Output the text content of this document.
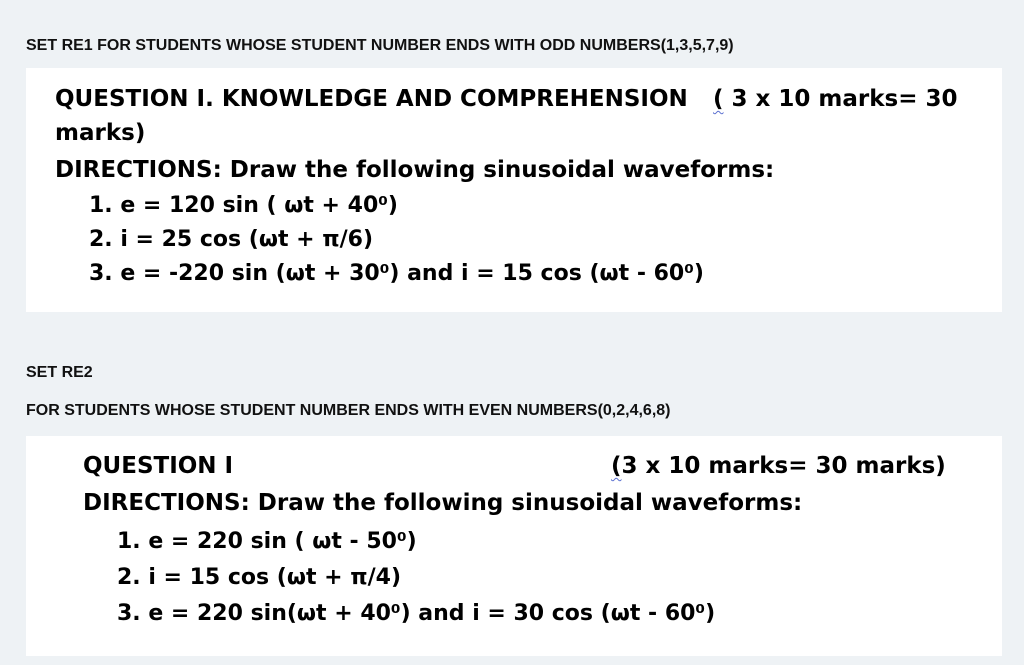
SET RE1 FOR STUDENTS WHOSE STUDENT NUMBER ENDS WITH ODD NUMBERS(1,3,5,7,9)
QUESTION I. KNOWLEDGE AND COMPREHENSION ( 3 x 10 marks= 30
marks)
DIRECTIONS: Draw the following sinusoidal waveforms:
1. e = 120 sin ( ωt + 40⁰)
2. i = 25 cos (ωt + π/6)
3. e = -220 sin (ωt + 30⁰) and i = 15 cos (ωt - 60⁰)
SET RE2
FOR STUDENTS WHOSE STUDENT NUMBER ENDS WITH EVEN NUMBERS(0,2,4,6,8)
QUESTION I	(3 x 10 marks= 30 marks)
DIRECTIONS: Draw the following sinusoidal waveforms:
1. e = 220 sin ( ωt - 50⁰)
2. i = 15 cos (ωt + π/4)
3. e = 220 sin(ωt + 40⁰) and i = 30 cos (ωt - 60⁰)
